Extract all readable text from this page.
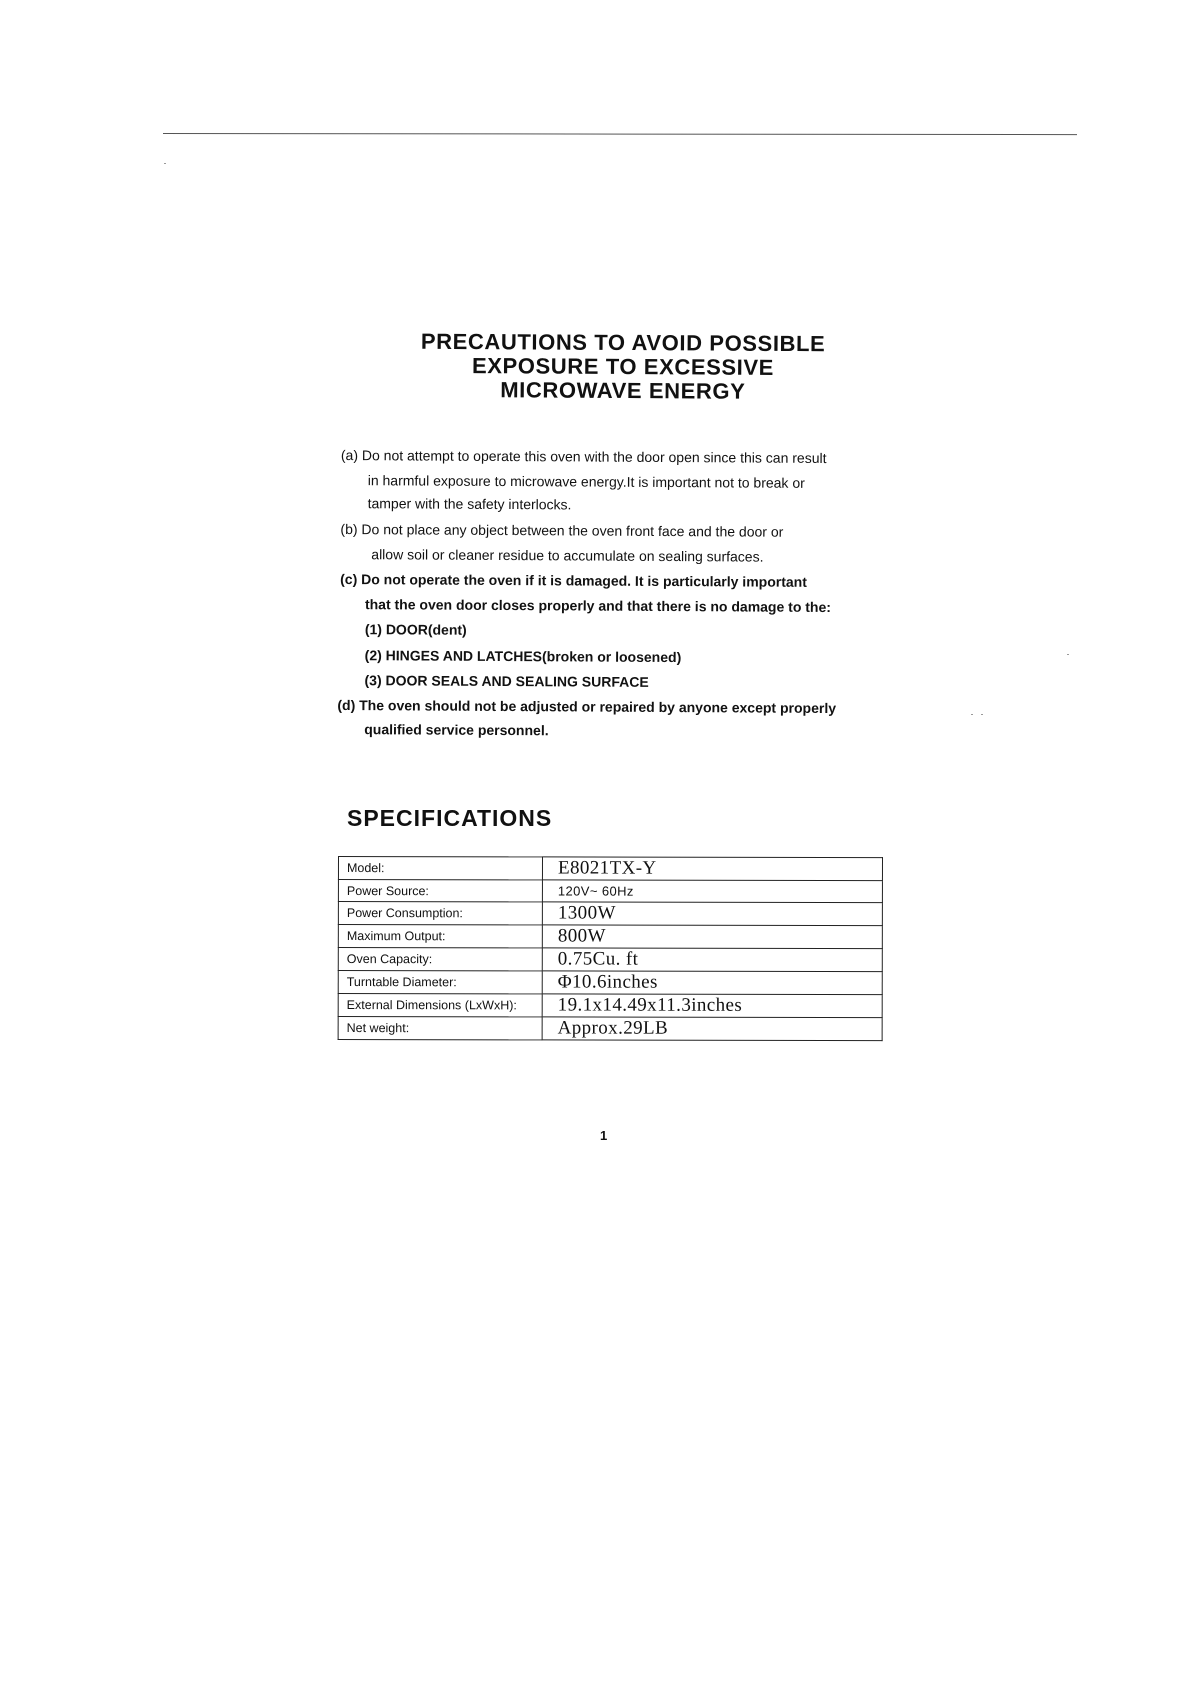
PRECAUTIONS TO AVOID POSSIBLE
EXPOSURE TO EXCESSIVE
MICROWAVE ENERGY
(a) Do not attempt to operate this oven with the door open since this can result
in harmful exposure to microwave energy.It is important not to break or
tamper with the safety interlocks.
(b) Do not place any object between the oven front face and the door or
allow soil or cleaner residue to accumulate on sealing surfaces.
(c) Do not operate the oven if it is damaged. It is particularly important
that the oven door closes properly and that there is no damage to the:
(1) DOOR(dent)
(2) HINGES AND LATCHES(broken or loosened)
(3) DOOR SEALS AND SEALING SURFACE
(d) The oven should not be adjusted or repaired by anyone except properly
qualified service personnel.
SPECIFICATIONS
Model:	E8021TX-Y
Power Source:	120V~ 60Hz
Power Consumption:	1300W
Maximum Output:	800W
Oven Capacity:	0.75Cu. ft
Turntable Diameter:	Φ10.6inches
External Dimensions (LxWxH):	19.1x14.49x11.3inches
Net weight:	Approx.29LB
1
